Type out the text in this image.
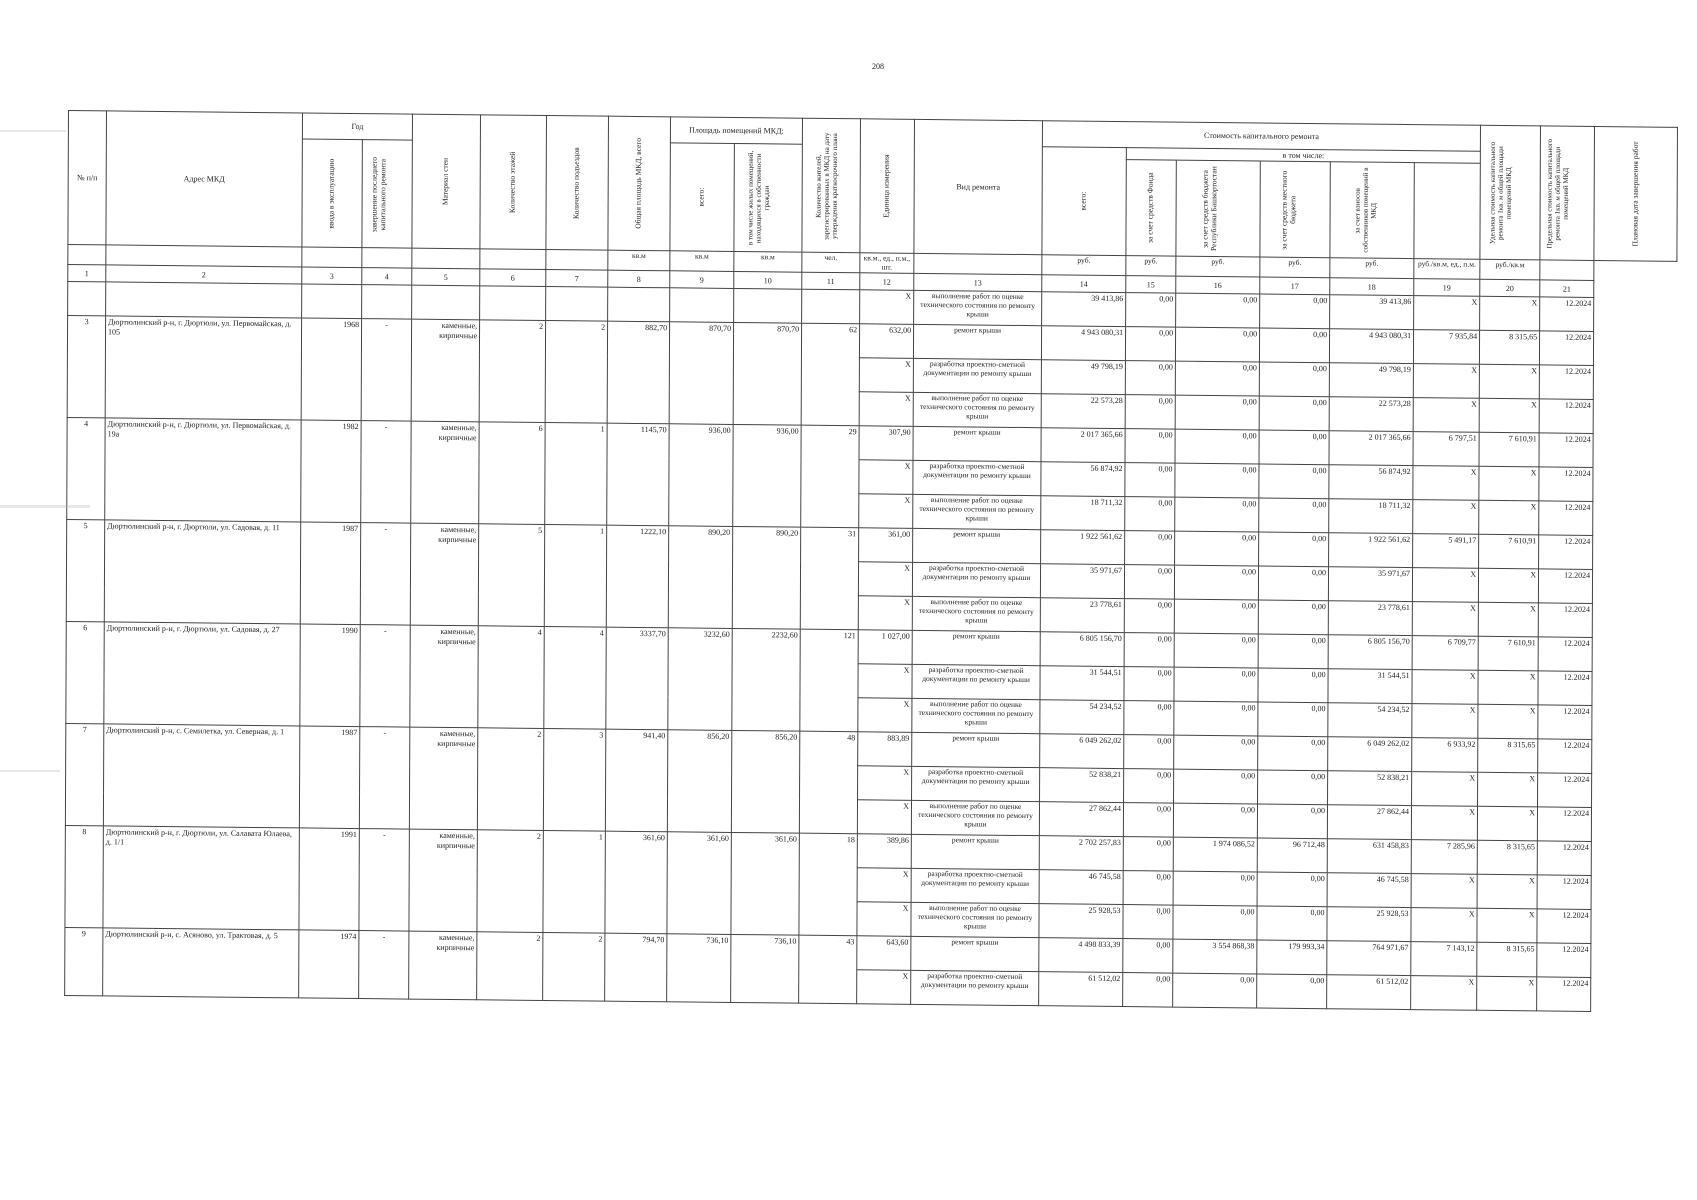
208
№ п/п	Адрес МКД	Год		Материал стен	Количество этажей	Количество подъездов	Общая площадь МКД, всего	Площадь помещений МКД:		Количество жителей, зарегистрированных в МКД на дату утверждения краткосрочного плана	Единица измерения	Вид ремонта	Стоимость капитального ремонта						Удельная стоимость капитального ремонта 1кв. м общей площади помещений МКД	Предельная стоимость капитального ремонта 1кв. м общей площади помещений МКД	Плановая дата завершения работ

		ввода в эксплуатацию	завершение последнего капитального ремонта					всего:	в том числе жилых помещений, находящихся в собственности граждан				всего:	в том числе:							

														за счет средств Фонда	за счет средств бюджета Республики Башкортостан	за счет средств местного бюджета	за счет взносов собственников помещений в МКД				

							кв.м	кв.м	кв.м	чел.	кв.м., ед., п.м., шт.		руб.	руб.	руб.	руб.	руб.	руб./кв.м, ед., п.м.	руб./кв.м		
1	2	3	4	5	6	7	8	9	10	11	12	13	14	15	16	17	18	19	20	21	
											X	выполнение работ по оценке технического состояния по ремонту крыши	39 413,86	0,00	0,00	0,00	39 413,86	X	X	12.2024	
3	Дюртюлинский р-н, г. Дюртюли, ул. Первомайская, д. 105	1968	-	каменные, кирпичные	2	2	882,70	870,70	870,70	62	632,00	ремонт крыши	4 943 080,31	0,00	0,00	0,00	4 943 080,31	7 935,84	8 315,65	12.2024	
											X	разработка проектно-сметной документации по ремонту крыши	49 798,19	0,00	0,00	0,00	49 798,19	X	X	12.2024	
											X	выполнение работ по оценке технического состояния по ремонту крыши	22 573,28	0,00	0,00	0,00	22 573,28	X	X	12.2024	
4	Дюртюлинский р-н, г. Дюртюли, ул. Первомайская, д. 19а	1982	-	каменные, кирпичные	6	1	1145,70	936,00	936,00	29	307,90	ремонт крыши	2 017 365,66	0,00	0,00	0,00	2 017 365,66	6 797,51	7 610,91	12.2024	
											X	разработка проектно-сметной документации по ремонту крыши	56 874,92	0,00	0,00	0,00	56 874,92	X	X	12.2024	
											X	выполнение работ по оценке технического состояния по ремонту крыши	18 711,32	0,00	0,00	0,00	18 711,32	X	X	12.2024	
5	Дюртюлинский р-н, г. Дюртюли, ул. Садовая, д. 11	1987	-	каменные, кирпичные	5	1	1222,10	890,20	890,20	31	361,00	ремонт крыши	1 922 561,62	0,00	0,00	0,00	1 922 561,62	5 491,17	7 610,91	12.2024	
											X	разработка проектно-сметной документации по ремонту крыши	35 971,67	0,00	0,00	0,00	35 971,67	X	X	12.2024	
											X	выполнение работ по оценке технического состояния по ремонту крыши	23 778,61	0,00	0,00	0,00	23 778,61	X	X	12.2024	
6	Дюртюлинский р-н, г. Дюртюли, ул. Садовая, д. 27	1990	-	каменные, кирпичные	4	4	3337,70	3232,60	2232,60	121	1 027,00	ремонт крыши	6 805 156,70	0,00	0,00	0,00	6 805 156,70	6 709,77	7 610,91	12.2024	
											X	разработка проектно-сметной документации по ремонту крыши	31 544,51	0,00	0,00	0,00	31 544,51	X	X	12.2024	
											X	выполнение работ по оценке технического состояния по ремонту крыши	54 234,52	0,00	0,00	0,00	54 234,52	X	X	12.2024	
7	Дюртюлинский р-н, с. Семилетка, ул. Северная, д. 1	1987	-	каменные, кирпичные	2	3	941,40	856,20	856,20	48	883,89	ремонт крыши	6 049 262,02	0,00	0,00	0,00	6 049 262,02	6 933,92	8 315,65	12.2024	
											X	разработка проектно-сметной документации по ремонту крыши	52 838,21	0,00	0,00	0,00	52 838,21	X	X	12.2024	
											X	выполнение работ по оценке технического состояния по ремонту крыши	27 862,44	0,00	0,00	0,00	27 862,44	X	X	12.2024	
8	Дюртюлинский р-н, г. Дюртюли, ул. Салавата Юлаева, д. 1/1	1991	-	каменные, кирпичные	2	1	361,60	361,60	361,60	18	389,86	ремонт крыши	2 702 257,83	0,00	1 974 086,52	96 712,48	631 458,83	7 285,96	8 315,65	12.2024	
											X	разработка проектно-сметной документации по ремонту крыши	46 745,58	0,00	0,00	0,00	46 745,58	X	X	12.2024	
											X	выполнение работ по оценке технического состояния по ремонту крыши	25 928,53	0,00	0,00	0,00	25 928,53	X	X	12.2024	
9	Дюртюлинский р-н, с. Асяново, ул. Трактовая, д. 5	1974	-	каменные, кирпичные	2	2	794,70	736,10	736,10	43	643,60	ремонт крыши	4 498 833,39	0,00	3 554 868,38	179 993,34	764 971,67	7 143,12	8 315,65	12.2024	
											X	разработка проектно-сметной документации по ремонту крыши	61 512,02	0,00	0,00	0,00	61 512,02	X	X	12.2024	
